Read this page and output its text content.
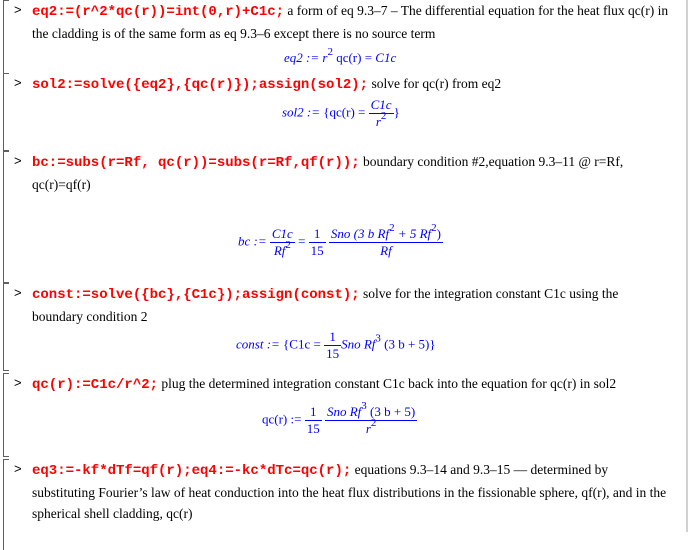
> eq2:=(r^2*qc(r))=int(0,r)+C1c; a form of eq 9.3–7 – The differential equation for the heat flux qc(r) in the cladding is of the same form as eq 9.3–6 except there is no source term
eq2 := $r^2$ qc(r) = C1c
> sol2:=solve({eq2},{qc(r)});assign(sol2); solve for qc(r) from eq2
sol2 := {$qc(r) = \frac{C1c}{r^2}$ }
> bc:=subs(r=Rf, qc(r))=subs(r=Rf,qf(r)); boundary condition #2,equation 9.3–11 @ r=Rf, qc(r)=qf(r)
bc := $\frac{C1c}{Rf^2} = \frac{1}{15}$
$\frac{Sno (3 b Rf^2 + 5 Rf^2)}{Rf}$
> const:=solve({bc},{C1c});assign(const); solve for the integration constant C1c using the boundary condition 2
const := {$C1c = \frac{1}{15}$ Sno Rf$^3$ (3 b + 5)}
> qc(r):=C1c/r^2; plug the determined integration constant C1c back into the equation for qc(r) in sol2
qc(r) := $\frac{1}{15}$
$\frac{Sno Rf^3 (3 b + 5)}{r^2}$
> eq3:=-kf*dTf=qf(r);eq4:=-kc*dTc=qc(r); equations 9.3–14 and 9.3–15 –– determined by substituting Fourier’s law of heat conduction into the heat flux distributions in the fissionable sphere, qf(r), and in the spherical shell cladding, qc(r)
